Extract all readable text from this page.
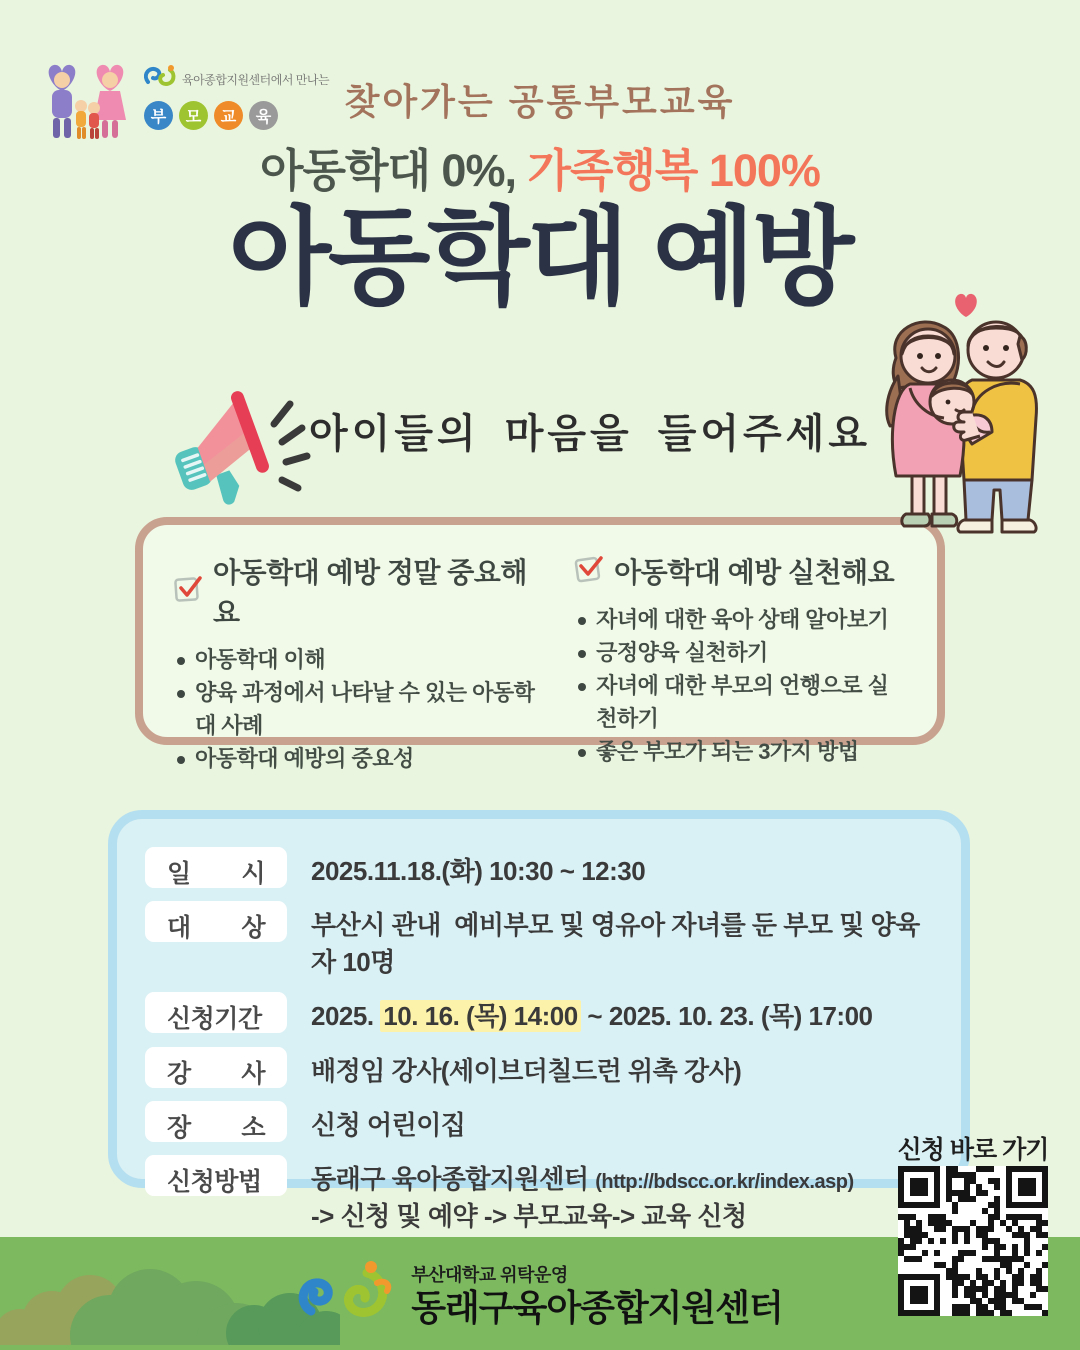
육아종합지원센터에서 만나는
부	모	교	육	찾아가는 공통부모교육
아동학대 0%, 가족행복 100%
아동학대 예방
아이들의 마음을 들어주세요
아동학대 예방 정말 중요해요
아동학대 이해
양육 과정에서 나타날 수 있는 아동학대 사례
아동학대 예방의 중요성
아동학대 예방 실천해요
자녀에 대한 육아 상태 알아보기
긍정양육 실천하기
자녀에 대한 부모의 언행으로 실천하기
좋은 부모가 되는 3가지 방법
일 시	2025.11.18.(화) 10:30 ~ 12:30
대 상	부산시 관내  예비부모 및 영유아 자녀를 둔 부모 및 양육자 10명
신청기간	2025. 10. 16. (목) 14:00 ~ 2025. 10. 23. (목) 17:00
강 사	배정임 강사(세이브더칠드런 위촉 강사)
장 소	신청 어린이집
신청방법	동래구 육아종합지원센터 (http://bdscc.or.kr/index.asp)
-> 신청 및 예약 -> 부모교육-> 교육 신청
신청 바로 가기
부산대학교 위탁운영
동래구육아종합지원센터
